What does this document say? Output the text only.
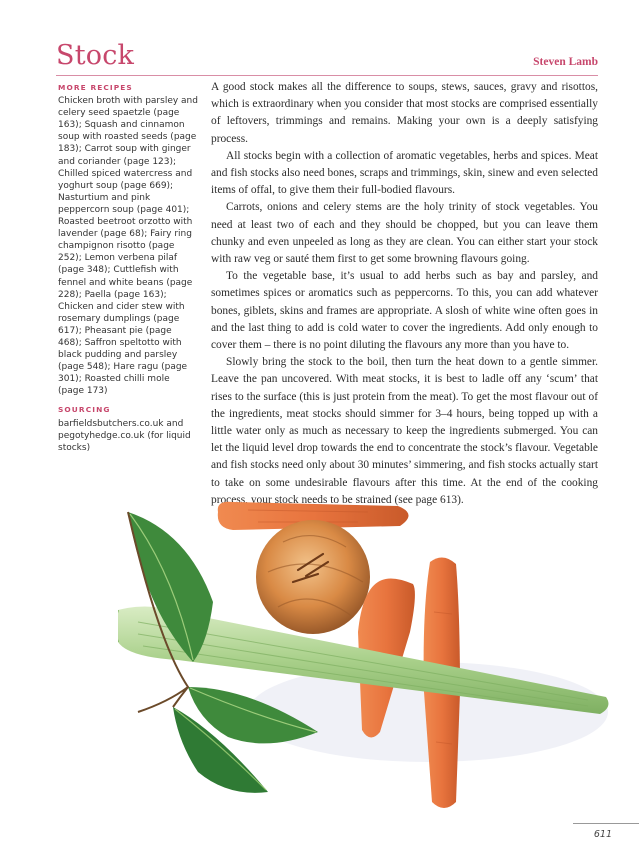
Stock	Steven Lamb
MORE RECIPES

Chicken broth with parsley and celery seed spaetzle (page 163); Squash and cinnamon soup with roasted seeds (page 183); Carrot soup with ginger and coriander (page 123); Chilled spiced watercress and yoghurt soup (page 669); Nasturtium and pink peppercorn soup (page 401); Roasted beetroot orzotto with lavender (page 68); Fairy ring champignon risotto (page 252); Lemon verbena pilaf (page 348); Cuttlefish with fennel and white beans (page 228); Paella (page 163); Chicken and cider stew with rosemary dumplings (page 617); Pheasant pie (page 468); Saffron speltotto with black pudding and parsley (page 548); Hare ragu (page 301); Roasted chilli mole (page 173)

SOURCING

barfieldsbutchers.co.uk and pegotyhedge.co.uk (for liquid stocks)

A good stock makes all the difference to soups, stews, sauces, gravy and risottos, which is extraordinary when you consider that most stocks are comprised essentially of leftovers, trimmings and remains. Making your own is a deeply satisfying process.

All stocks begin with a collection of aromatic vegetables, herbs and spices. Meat and fish stocks also need bones, scraps and trimmings, skin, sinew and even selected items of offal, to give them their full-bodied flavours.

Carrots, onions and celery stems are the holy trinity of stock vegetables. You need at least two of each and they should be chopped, but you can leave them chunky and even unpeeled as long as they are clean. You can either start your stock with raw veg or sauté them first to get some browning flavours going.

To the vegetable base, it’s usual to add herbs such as bay and parsley, and sometimes spices or aromatics such as peppercorns. To this, you can add whatever bones, giblets, skins and frames are appropriate. A slosh of white wine often goes in and the last thing to add is cold water to cover the ingredients. Add only enough to cover them – there is no point diluting the flavours any more than you have to.

Slowly bring the stock to the boil, then turn the heat down to a gentle simmer. Leave the pan uncovered. With meat stocks, it is best to ladle off any ‘scum’ that rises to the surface (this is just protein from the meat). To get the most flavour out of the ingredients, meat stocks should simmer for 3–4 hours, being topped up with a little water only as much as necessary to keep the ingredients submerged. You can let the liquid level drop towards the end to concentrate the stock’s flavour. Vegetable and fish stocks need only about 30 minutes’ simmering, and fish stocks actually start to take on some undesirable flavours after this time. At the end of the cooking process, your stock needs to be strained (see page 613).

611
